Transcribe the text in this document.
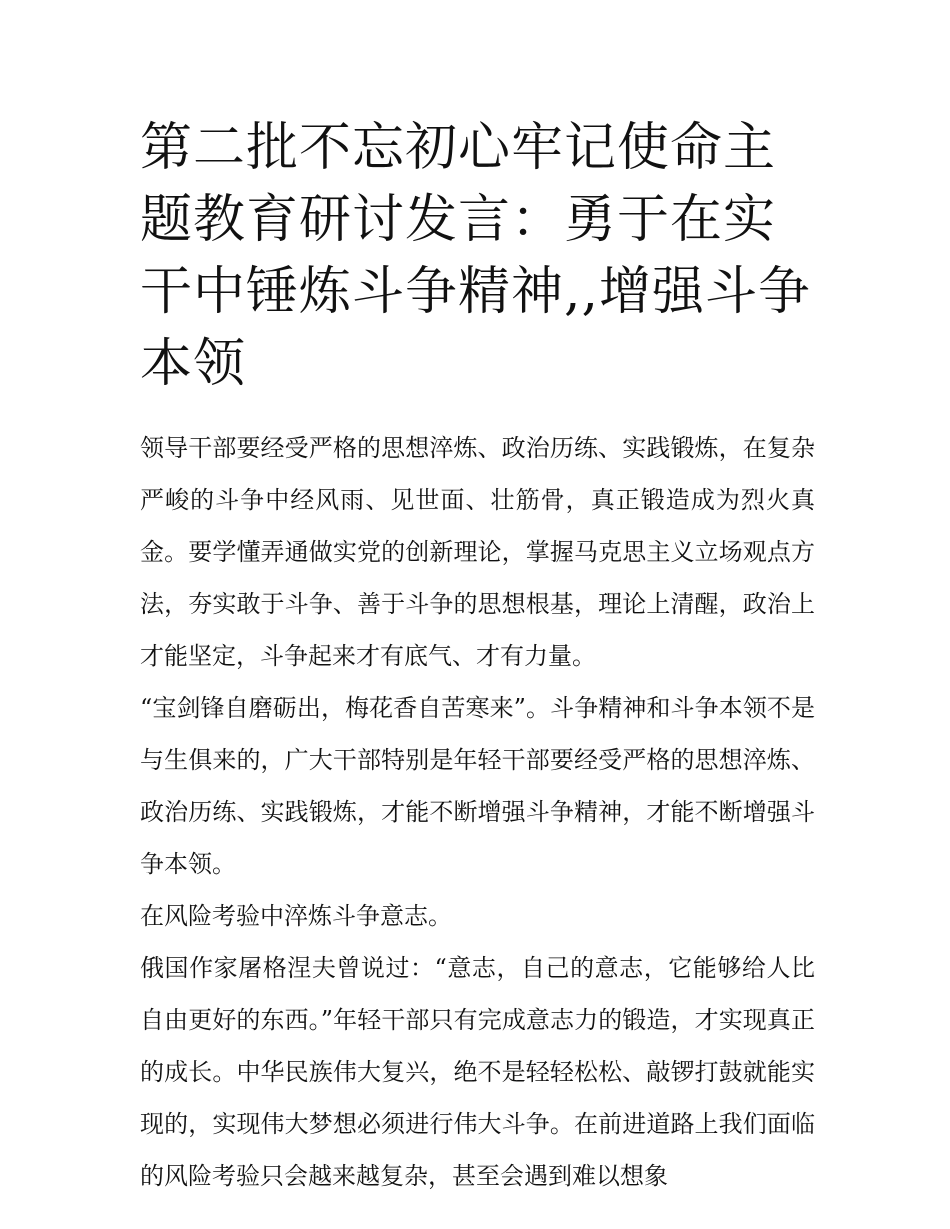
第二批不忘初心牢记使命主题教育研讨发言：勇于在实干中锤炼斗争精神,,增强斗争本领

领导干部要经受严格的思想淬炼、政治历练、实践锻炼，在复杂严峻的斗争中经风雨、见世面、壮筋骨，真正锻造成为烈火真金。要学懂弄通做实党的创新理论，掌握马克思主义立场观点方法，夯实敢于斗争、善于斗争的思想根基，理论上清醒，政治上才能坚定，斗争起来才有底气、才有力量。

“宝剑锋自磨砺出，梅花香自苦寒来”。斗争精神和斗争本领不是与生俱来的，广大干部特别是年轻干部要经受严格的思想淬炼、政治历练、实践锻炼，才能不断增强斗争精神，才能不断增强斗争本领。

在风险考验中淬炼斗争意志。

俄国作家屠格涅夫曾说过：“意志，自己的意志，它能够给人比自由更好的东西。”年轻干部只有完成意志力的锻造，才实现真正的成长。中华民族伟大复兴，绝不是轻轻松松、敲锣打鼓就能实现的，实现伟大梦想必须进行伟大斗争。在前进道路上我们面临的风险考验只会越来越复杂，甚至会遇到难以想象
